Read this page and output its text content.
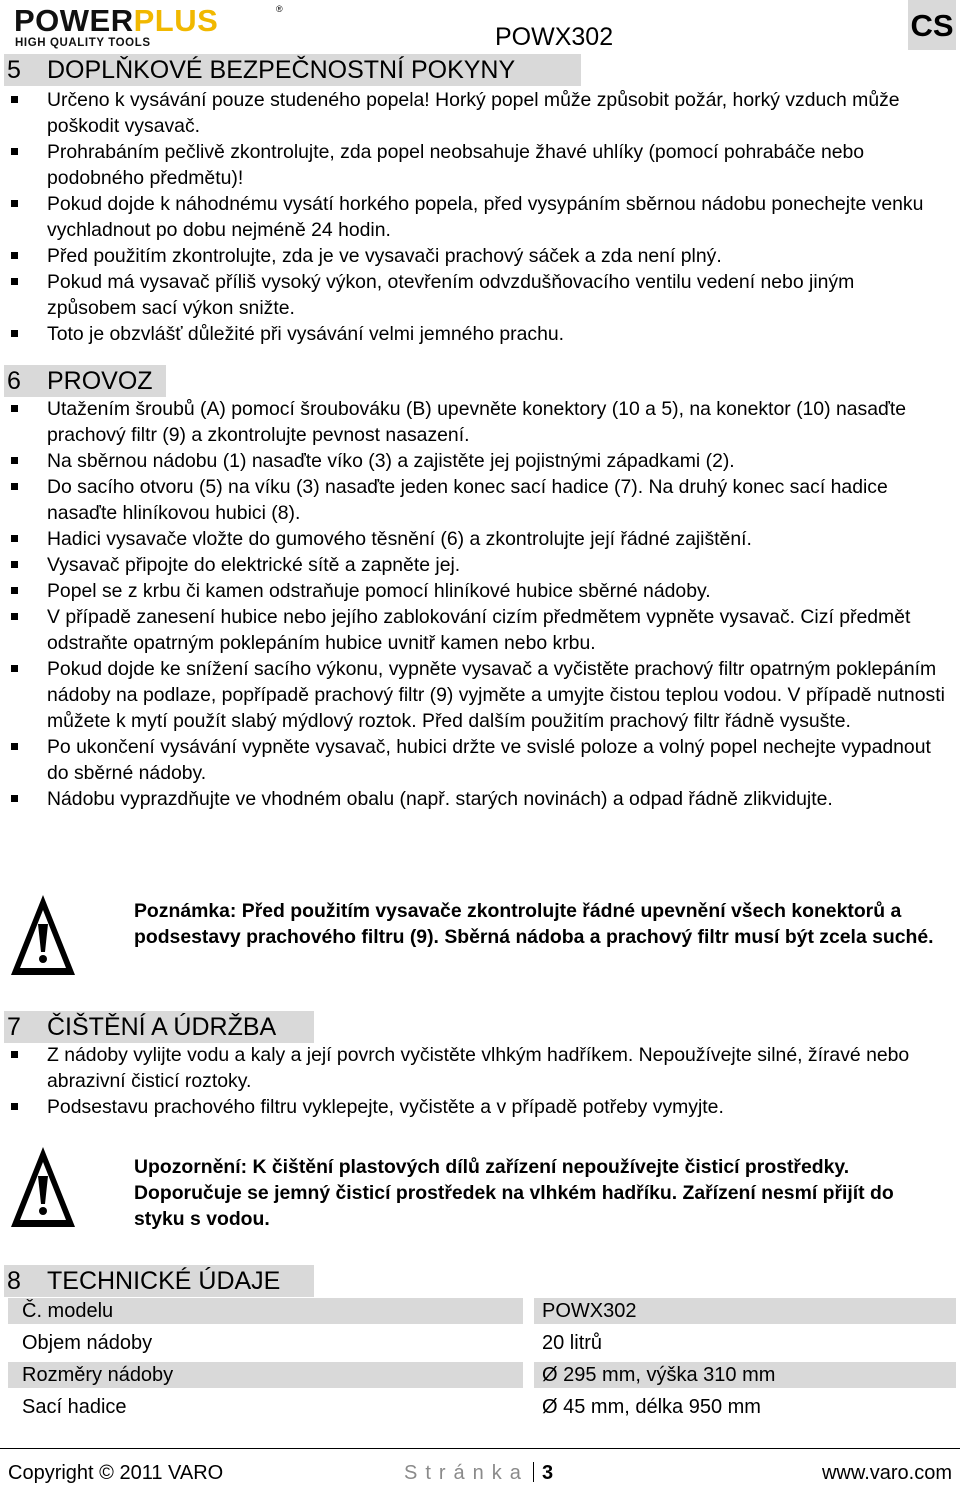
POWERPLUS	®
HIGH QUALITY TOOLS	POWX302	CS
5 DOPLŇKOVÉ BEZPEČNOSTNÍ POKYNY
Určeno k vysávání pouze studeného popela! Horký popel může způsobit požár, horký vzduch může poškodit vysavač.
Prohrabáním pečlivě zkontrolujte, zda popel neobsahuje žhavé uhlíky (pomocí pohrabáče nebo podobného předmětu)!
Pokud dojde k náhodnému vysátí horkého popela, před vysypáním sběrnou nádobu ponechejte venku vychladnout po dobu nejméně 24 hodin.
Před použitím zkontrolujte, zda je ve vysavači prachový sáček a zda není plný.
Pokud má vysavač příliš vysoký výkon, otevřením odvzdušňovacího ventilu vedení nebo jiným způsobem sací výkon snižte.
Toto je obzvlášť důležité při vysávání velmi jemného prachu.
6 PROVOZ
Utažením šroubů (A) pomocí šroubováku (B) upevněte konektory (10 a 5), na konektor (10) nasaďte prachový filtr (9) a zkontrolujte pevnost nasazení.
Na sběrnou nádobu (1) nasaďte víko (3) a zajistěte jej pojistnými západkami (2).
Do sacího otvoru (5) na víku (3) nasaďte jeden konec sací hadice (7). Na druhý konec sací hadice nasaďte hliníkovou hubici (8).
Hadici vysavače vložte do gumového těsnění (6) a zkontrolujte její řádné zajištění.
Vysavač připojte do elektrické sítě a zapněte jej.
Popel se z krbu či kamen odstraňuje pomocí hliníkové hubice sběrné nádoby.
V případě zanesení hubice nebo jejího zablokování cizím předmětem vypněte vysavač. Cizí předmět odstraňte opatrným poklepáním hubice uvnitř kamen nebo krbu.
Pokud dojde ke snížení sacího výkonu, vypněte vysavač a vyčistěte prachový filtr opatrným poklepáním nádoby na podlaze, popřípadě prachový filtr (9) vyjměte a umyjte čistou teplou vodou. V případě nutnosti můžete k mytí použít slabý mýdlový roztok. Před dalším použitím prachový filtr řádně vysušte.
Po ukončení vysávání vypněte vysavač, hubici držte ve svislé poloze a volný popel nechejte vypadnout do sběrné nádoby.
Nádobu vyprazdňujte ve vhodném obalu (např. starých novinách) a odpad řádně zlikvidujte.
Poznámka: Před použitím vysavače zkontrolujte řádné upevnění všech konektorů a podsestavy prachového filtru (9). Sběrná nádoba a prachový filtr musí být zcela suché.
7 ČIŠTĚNÍ A ÚDRŽBA
Z nádoby vylijte vodu a kaly a její povrch vyčistěte vlhkým hadříkem. Nepoužívejte silné, žíravé nebo abrazivní čisticí roztoky.
Podsestavu prachového filtru vyklepejte, vyčistěte a v případě potřeby vymyjte.
Upozornění: K čištění plastových dílů zařízení nepoužívejte čisticí prostředky. Doporučuje se jemný čisticí prostředek na vlhkém hadříku. Zařízení nesmí přijít do styku s vodou.
8 TECHNICKÉ ÚDAJE
Č. modelu	POWX302
Objem nádoby	20 litrů
Rozměry nádoby	Ø 295 mm, výška 310 mm
Sací hadice	Ø 45 mm, délka 950 mm
Copyright © 2011 VARO	Stránka 3	www.varo.com
